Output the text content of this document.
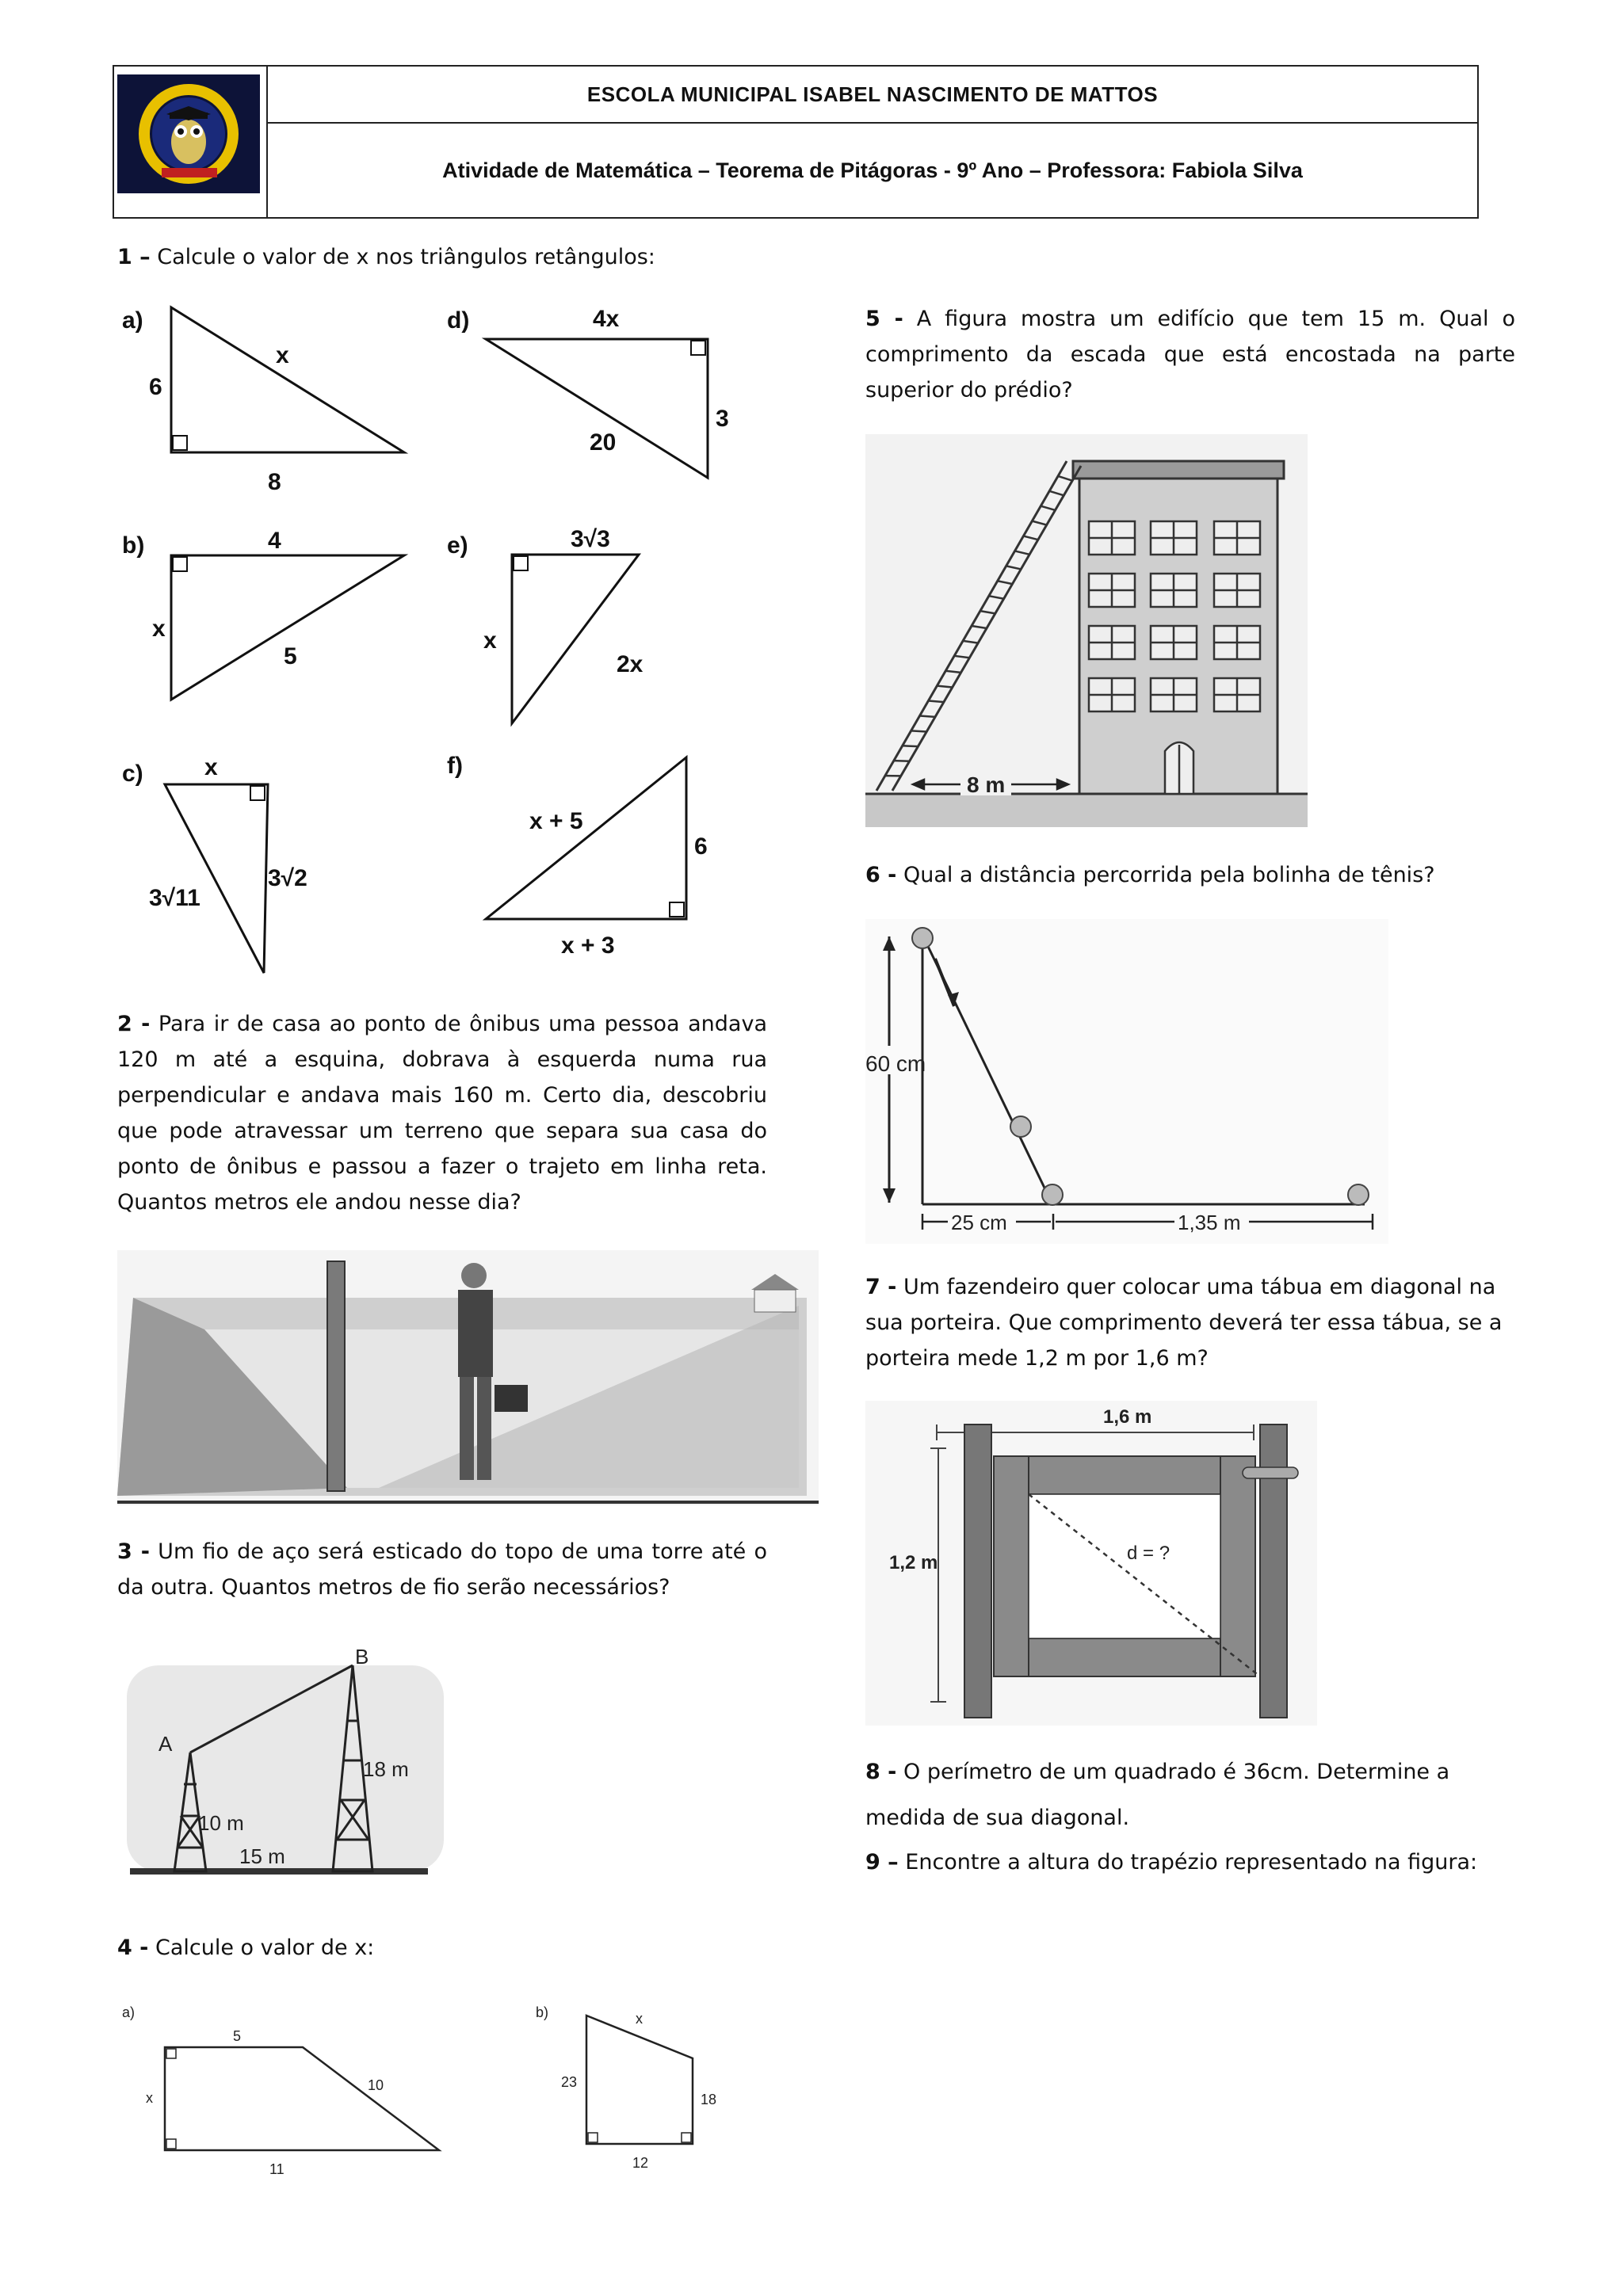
ESCOLA MUNICIPAL ISABEL NASCIMENTO DE MATTOS
Atividade de Matemática – Teorema de Pitágoras - 9º Ano – Professora: Fabiola Silva
1 – Calcule o valor de x nos triângulos retângulos:
a)
6
8
x
d)	4x
3
20
b)	4
x
5
e)	3√3
x
2x
c)	x
3√2
3√11
f)
6
x + 3
x + 5
2 - Para ir de casa ao ponto de ônibus uma pessoa andava 120 m até a esquina, dobrava à esquerda numa rua perpendicular e andava mais 160 m. Certo dia, descobriu que pode atravessar um terreno que separa sua casa do ponto de ônibus e passou a fazer o trajeto em linha reta. Quantos metros ele andou nesse dia?
3 - Um fio de aço será esticado do topo de uma torre até o da outra. Quantos metros de fio serão necessários?
A
B
10 m
18 m
15 m
4 - Calcule o valor de x:
a)
5
10
x
11
b)	x
23
18
12
5 - A figura mostra um edifício que tem 15 m. Qual o comprimento da escada que está encostada na parte superior do prédio?
8 m
6 - Qual a distância percorrida pela bolinha de tênis?
60 cm
25 cm	1,35 m
7 - Um fazendeiro quer colocar uma tábua em diagonal na sua porteira. Que comprimento deverá ter essa tábua, se a porteira mede 1,2 m por 1,6 m?
1,6 m
1,2 m	d = ?
8 - O perímetro de um quadrado é 36cm. Determine a medida de sua diagonal.
9 – Encontre a altura do trapézio representado na figura:
